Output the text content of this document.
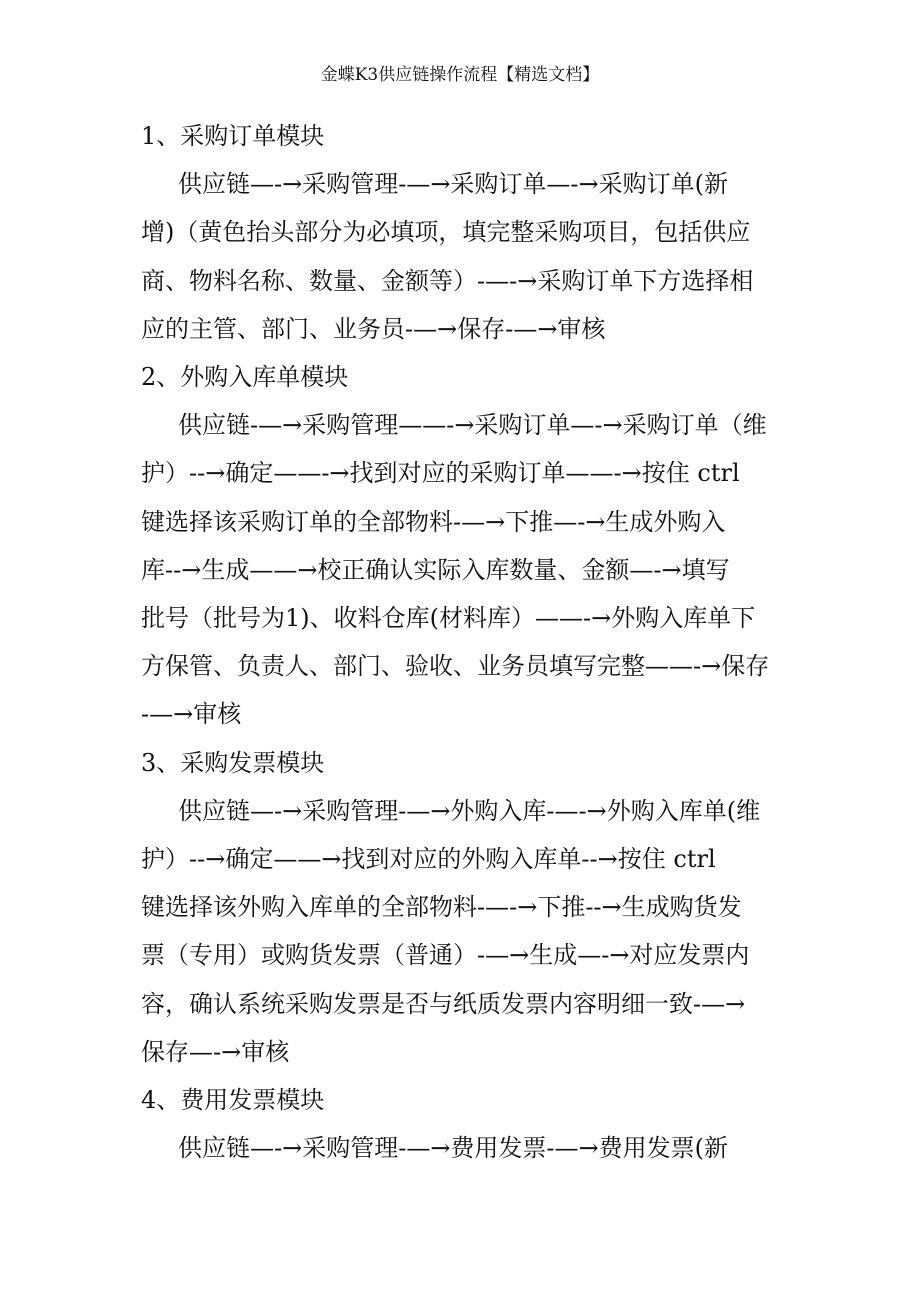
金蝶K3供应链操作流程【精选文档】

1、采购订单模块

供应链—-→采购管理-—→采购订单—-→采购订单(新
增)（黄色抬头部分为必填项，填完整采购项目，包括供应
商、物料名称、数量、金额等）-—-→采购订单下方选择相
应的主管、部门、业务员-—→保存-—→审核

2、外购入库单模块

供应链-—→采购管理——-→采购订单—-→采购订单（维
护）--→确定——-→找到对应的采购订单——-→按住 ctrl
键选择该采购订单的全部物料-—→下推—-→生成外购入
库--→生成——→校正确认实际入库数量、金额—-→填写
批号（批号为1)、收料仓库(材料库）——-→外购入库单下
方保管、负责人、部门、验收、业务员填写完整——-→保存
-—→审核

3、采购发票模块

供应链—-→采购管理-—→外购入库-—-→外购入库单(维
护）--→确定——→找到对应的外购入库单--→按住 ctrl
键选择该外购入库单的全部物料-—-→下推--→生成购货发
票（专用）或购货发票（普通）-—→生成—-→对应发票内
容，确认系统采购发票是否与纸质发票内容明细一致-—→
保存—-→审核

4、费用发票模块

供应链—-→采购管理-—→费用发票-—→费用发票(新
